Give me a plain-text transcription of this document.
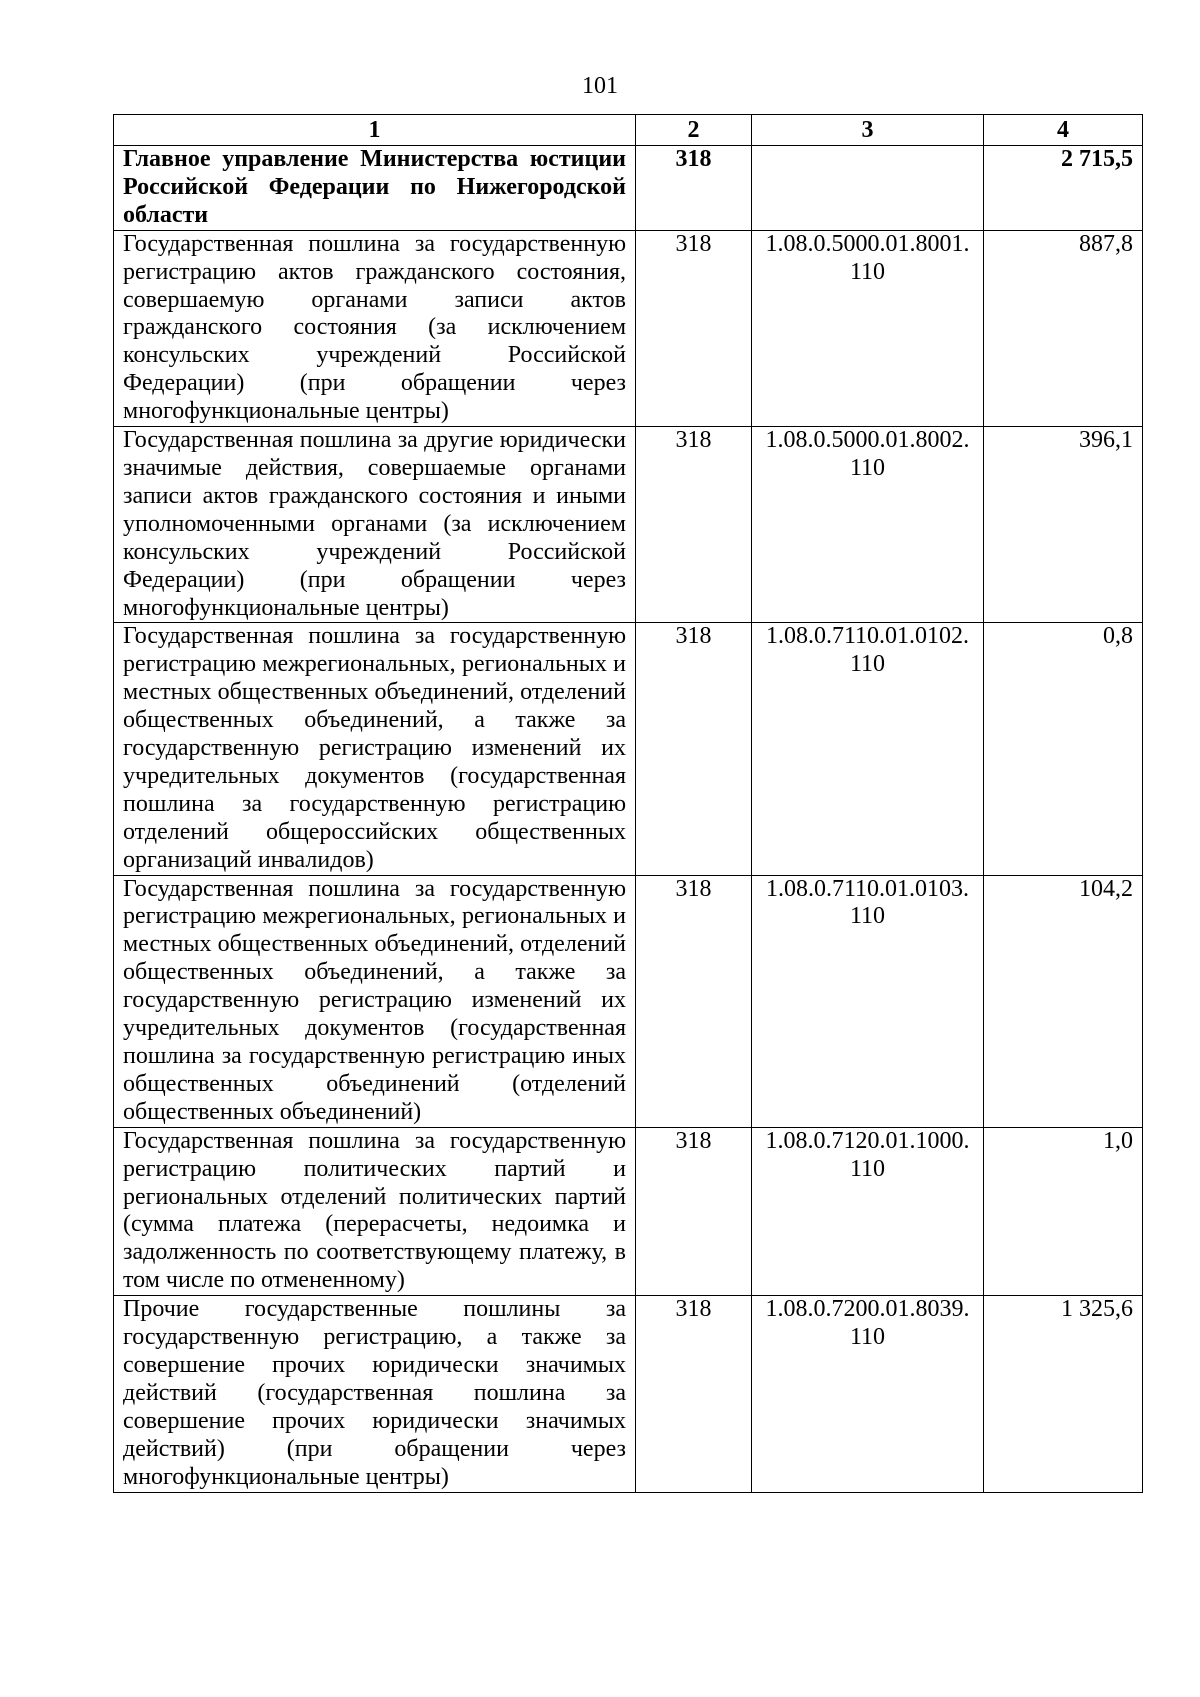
101
1	2	3	4
Главное управление Министерства юстиции Российской Федерации по Нижегородской области	318		2 715,5
Государственная пошлина за государственную регистрацию актов гражданского состояния, совершаемую органами записи актов гражданского состояния (за исключением консульских учреждений Российской Федерации) (при обращении через многофункциональные центры)	318	1.08.0.5000.01.8001. 110	887,8
Государственная пошлина за другие юридически значимые действия, совершаемые органами записи актов гражданского состояния и иными уполномоченными органами (за исключением консульских учреждений Российской Федерации) (при обращении через многофункциональные центры)	318	1.08.0.5000.01.8002. 110	396,1
Государственная пошлина за государственную регистрацию межрегиональных, региональных и местных общественных объединений, отделений общественных объединений, а также за государственную регистрацию изменений их учредительных документов (государственная пошлина за государственную регистрацию отделений общероссийских общественных организаций инвалидов)	318	1.08.0.7110.01.0102. 110	0,8
Государственная пошлина за государственную регистрацию межрегиональных, региональных и местных общественных объединений, отделений общественных объединений, а также за государственную регистрацию изменений их учредительных документов (государственная пошлина за государственную регистрацию иных общественных объединений (отделений общественных объединений)	318	1.08.0.7110.01.0103. 110	104,2
Государственная пошлина за государственную регистрацию политических партий и региональных отделений политических партий (сумма платежа (перерасчеты, недоимка и задолженность по соответствующему платежу, в том числе по отмененному)	318	1.08.0.7120.01.1000. 110	1,0
Прочие государственные пошлины за государственную регистрацию, а также за совершение прочих юридически значимых действий (государственная пошлина за совершение прочих юридически значимых действий) (при обращении через многофункциональные центры)	318	1.08.0.7200.01.8039. 110	1 325,6
